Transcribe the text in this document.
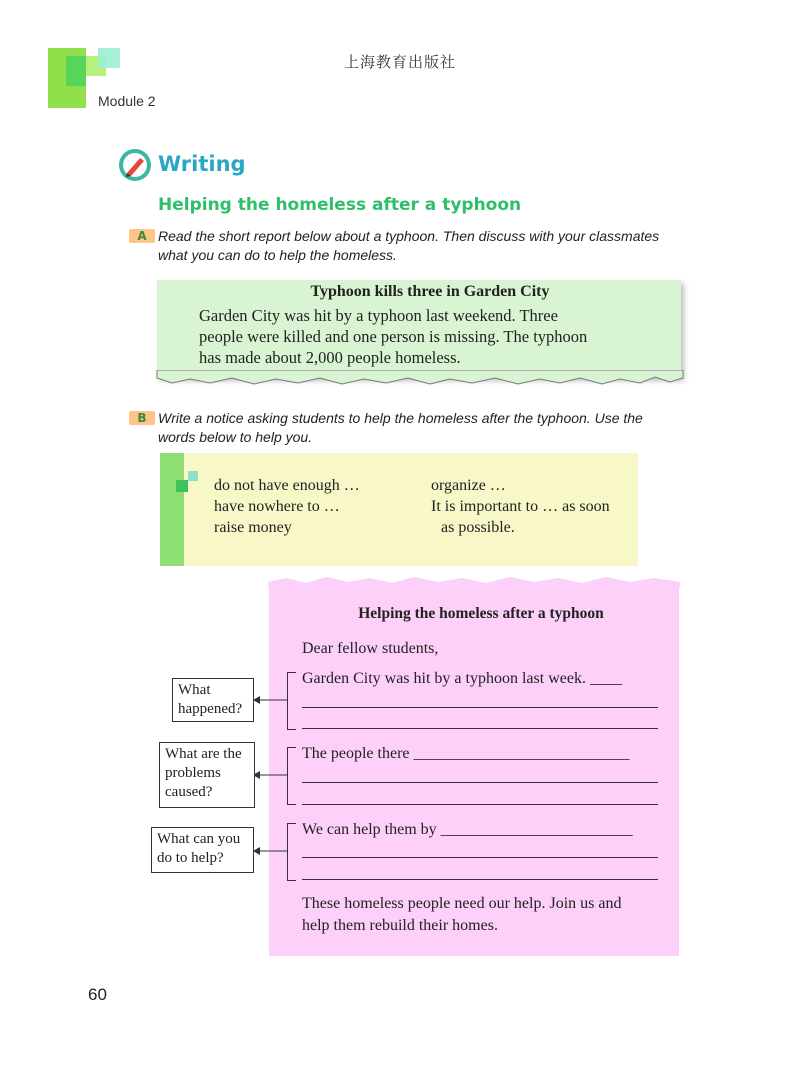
上海教育出版社
Module 2
Writing
Helping the homeless after a typhoon
A Read the short report below about a typhoon. Then discuss with your classmates
what you can do to help the homeless.
Typhoon kills three in Garden City
Garden City was hit by a typhoon last weekend. Three
people were killed and one person is missing. The typhoon
has made about 2,000 people homeless.
B Write a notice asking students to help the homeless after the typhoon. Use the
words below to help you.
do not have enough …
have nowhere to …
raise money
organize …
It is important to … as soon
as possible.
Helping the homeless after a typhoon
Dear fellow students,
Garden City was hit by a typhoon last week. ____
The people there ___________________________
We can help them by ________________________
These homeless people need our help. Join us and
help them rebuild their homes.
What
happened?
What are the
problems
caused?
What can you
do to help?
60
